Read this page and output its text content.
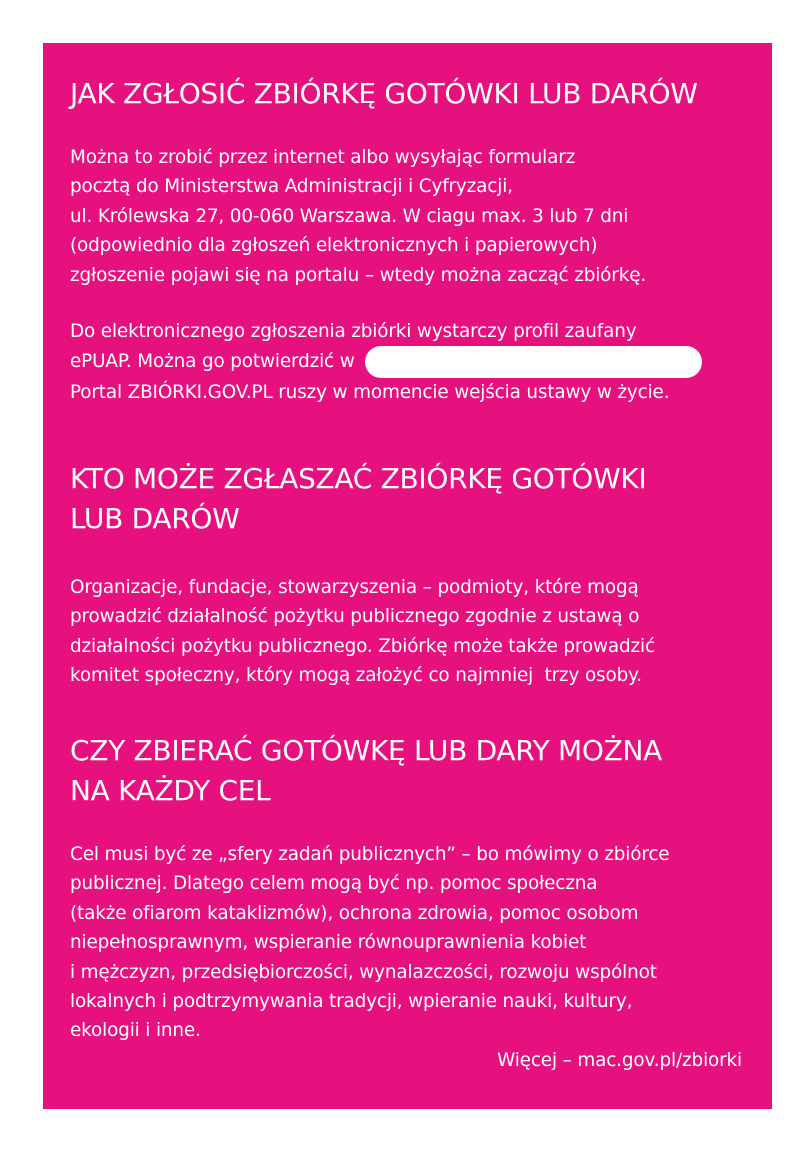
JAK ZGŁOSIĆ ZBIÓRKĘ GOTÓWKI LUB DARÓW

Można to zrobić przez internet albo wysyłając formularz
pocztą do Ministerstwa Administracji i Cyfryzacji,
ul. Królewska 27, 00-060 Warszawa. W ciagu max. 3 lub 7 dni
(odpowiednio dla zgłoszeń elektronicznych i papierowych)
zgłoszenie pojawi się na portalu – wtedy można zacząć zbiórkę.

Do elektronicznego zgłoszenia zbiórki wystarczy profil zaufany
ePUAP. Można go potwierdzić w
Portal ZBIÓRKI.GOV.PL ruszy w momencie wejścia ustawy w życie.

KTO MOŻE ZGŁASZAĆ ZBIÓRKĘ GOTÓWKI
LUB DARÓW

Organizacje, fundacje, stowarzyszenia – podmioty, które mogą
prowadzić działalność pożytku publicznego zgodnie z ustawą o
działalności pożytku publicznego. Zbiórkę może także prowadzić
komitet społeczny, który mogą założyć co najmniej  trzy osoby.

CZY ZBIERAĆ GOTÓWKĘ LUB DARY MOŻNA
NA KAŻDY CEL

Cel musi być ze „sfery zadań publicznych” – bo mówimy o zbiórce
publicznej. Dlatego celem mogą być np. pomoc społeczna
(także ofiarom kataklizmów), ochrona zdrowia, pomoc osobom
niepełnosprawnym, wspieranie równouprawnienia kobiet
i mężczyzn, przedsiębiorczości, wynalazczości, rozwoju wspólnot
lokalnych i podtrzymywania tradycji, wpieranie nauki, kultury,
ekologii i inne.

Więcej – mac.gov.pl/zbiorki
